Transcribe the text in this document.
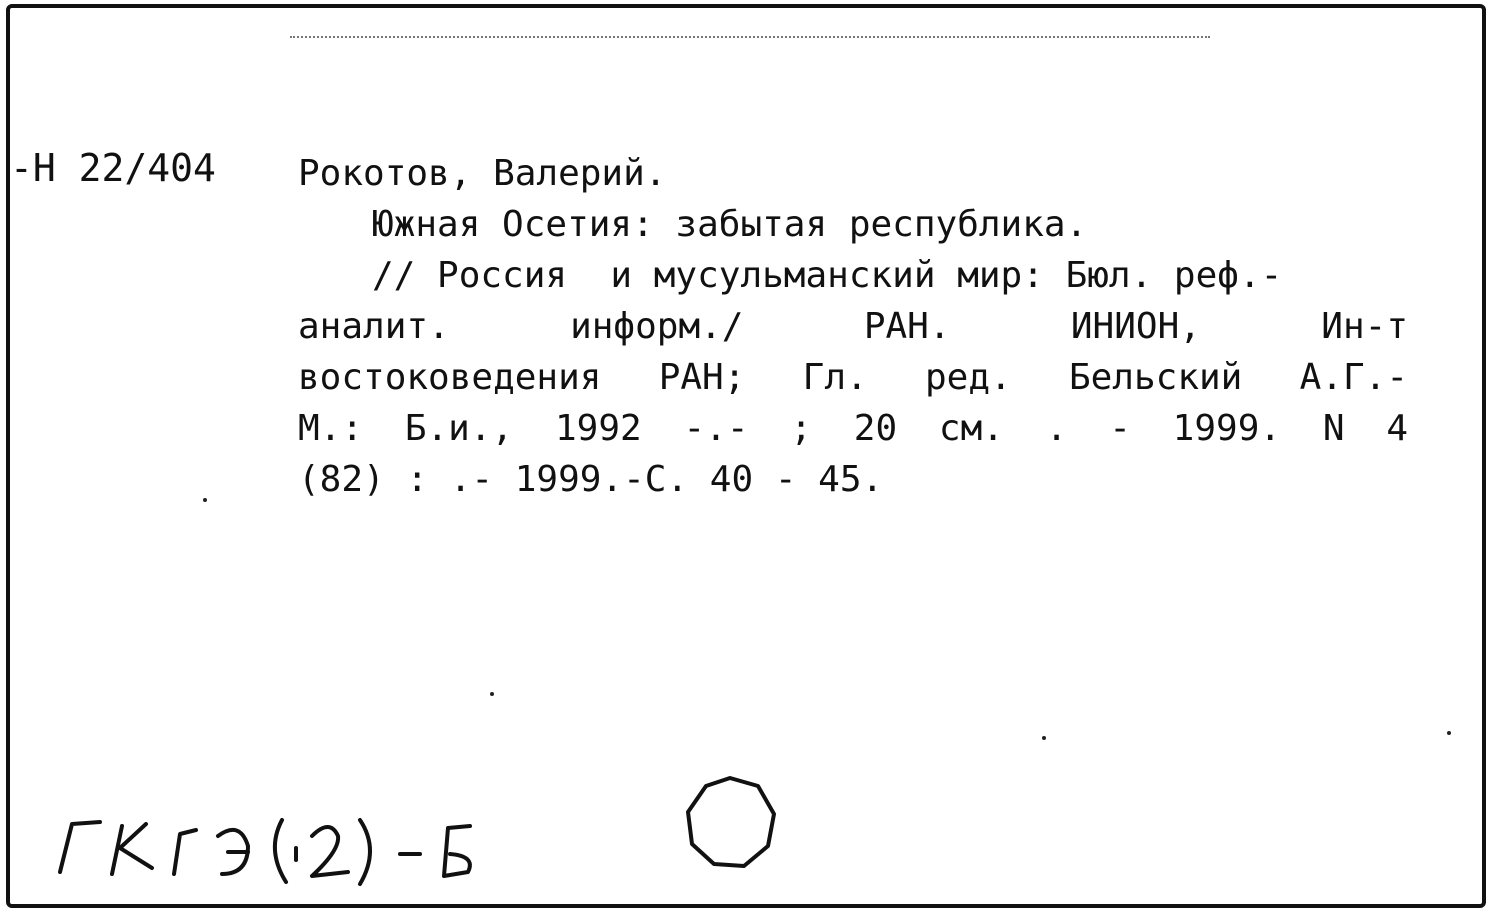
-Н 22/404 Рокотов, Валерий.
Южная Осетия: забытая республика.
// Россия  и мусульманский мир: Бюл. реф.-
аналит. информ./ РАН. ИНИОН, Ин-т
востоковедения РАН; Гл. ред. Бельский А.Г.-
М.: Б.и., 1992 -.- ; 20 см. . - 1999. N 4
(82) : .- 1999.-С. 40 - 45.
